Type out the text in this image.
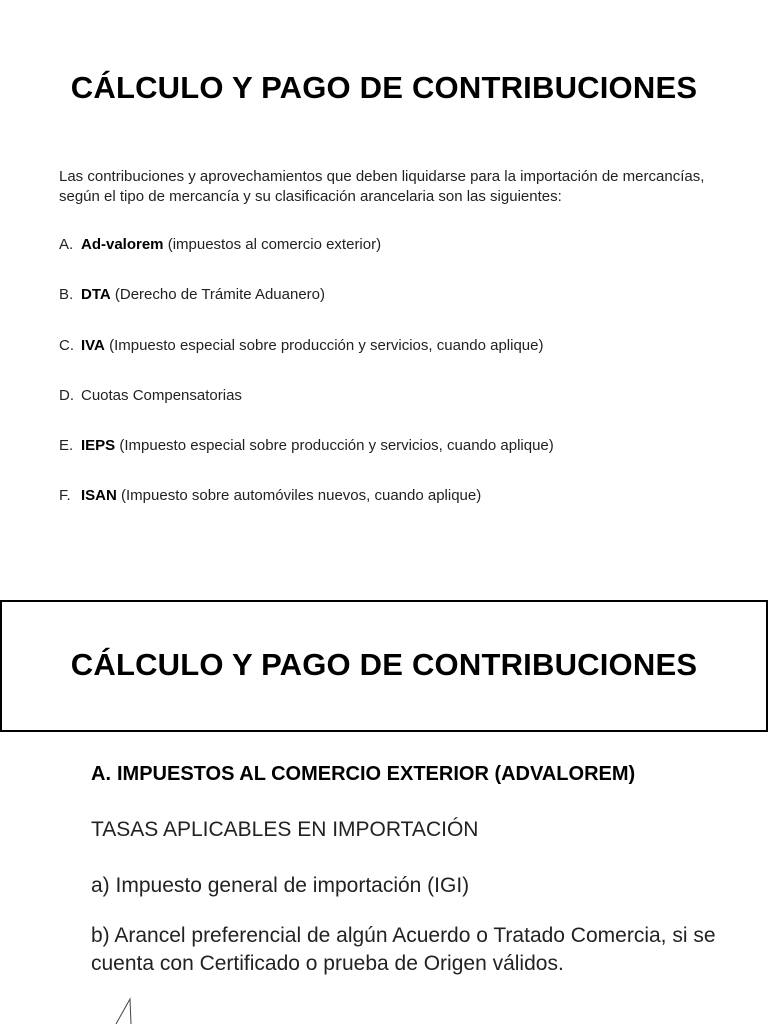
CÁLCULO Y PAGO DE CONTRIBUCIONES
Las contribuciones y aprovechamientos que deben liquidarse para la importación de mercancías, según el tipo de mercancía y su clasificación arancelaria son las siguientes:
A. Ad-valorem (impuestos al comercio exterior)
B. DTA (Derecho de Trámite Aduanero)
C. IVA (Impuesto especial sobre producción y servicios, cuando aplique)
D. Cuotas Compensatorias
E. IEPS (Impuesto especial sobre producción y servicios, cuando aplique)
F. ISAN (Impuesto sobre automóviles nuevos, cuando aplique)
CÁLCULO Y PAGO DE CONTRIBUCIONES
A. IMPUESTOS AL COMERCIO EXTERIOR (ADVALOREM)
TASAS APLICABLES EN IMPORTACIÓN
a) Impuesto general de importación (IGI)
b) Arancel preferencial de algún Acuerdo o Tratado Comercia, si se cuenta con Certificado o prueba de Origen válidos.
